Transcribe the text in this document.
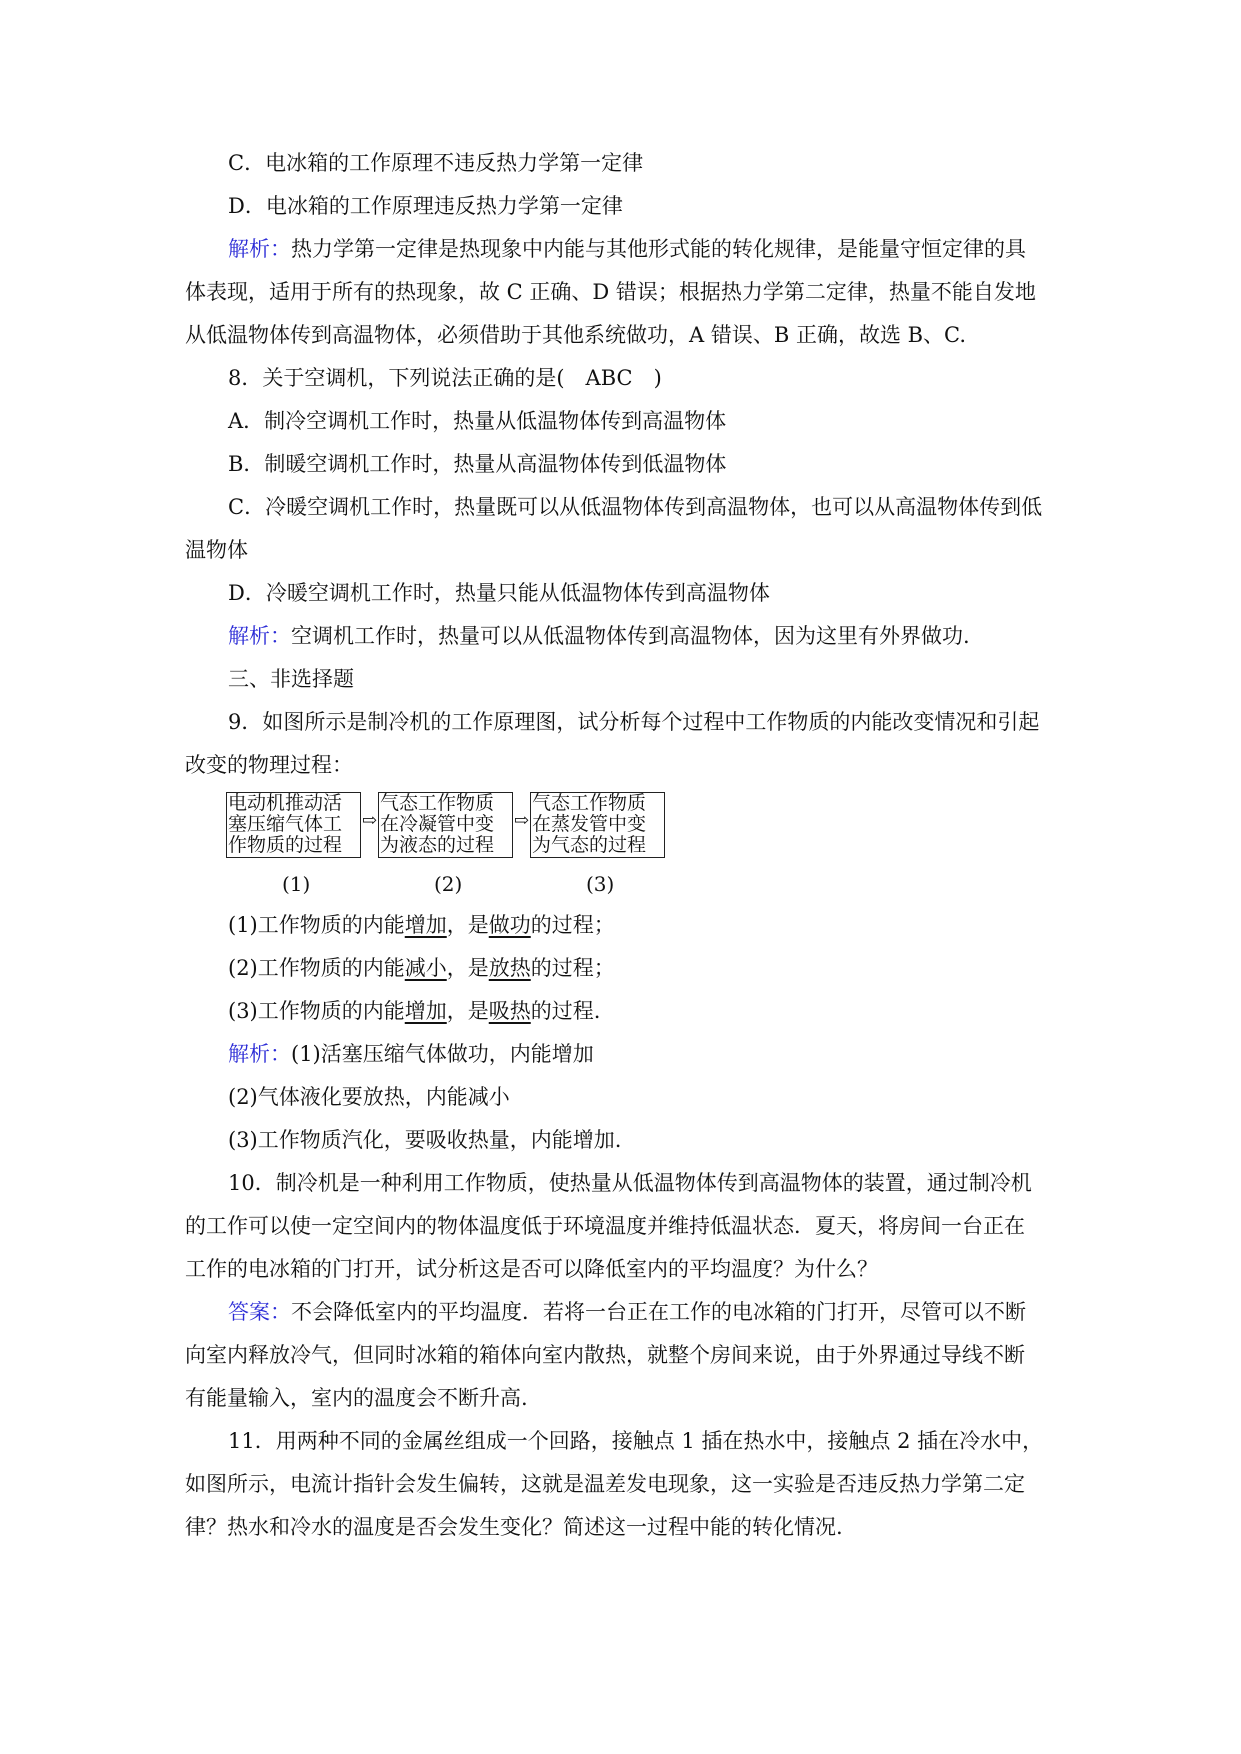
C．电冰箱的工作原理不违反热力学第一定律
D．电冰箱的工作原理违反热力学第一定律
解析：热力学第一定律是热现象中内能与其他形式能的转化规律，是能量守恒定律的具
体表现，适用于所有的热现象，故 C 正确、D 错误；根据热力学第二定律，热量不能自发地
从低温物体传到高温物体，必须借助于其他系统做功，A 错误、B 正确，故选 B、C.
8．关于空调机，下列说法正确的是(　ABC　)
A．制冷空调机工作时，热量从低温物体传到高温物体
B．制暖空调机工作时，热量从高温物体传到低温物体
C．冷暖空调机工作时，热量既可以从低温物体传到高温物体，也可以从高温物体传到低
温物体
D．冷暖空调机工作时，热量只能从低温物体传到高温物体
解析：空调机工作时，热量可以从低温物体传到高温物体，因为这里有外界做功.
三、非选择题
9．如图所示是制冷机的工作原理图，试分析每个过程中工作物质的内能改变情况和引起
改变的物理过程：
电动机推动活
塞压缩气体工
作物质的过程
⇨
气态工作物质
在冷凝管中变
为液态的过程
⇨
气态工作物质
在蒸发管中变
为气态的过程
(1)	(2)	(3)
(1)工作物质的内能增加，是做功的过程；
(2)工作物质的内能减小，是放热的过程；
(3)工作物质的内能增加，是吸热的过程.
解析：(1)活塞压缩气体做功，内能增加
(2)气体液化要放热，内能减小
(3)工作物质汽化，要吸收热量，内能增加.
10．制冷机是一种利用工作物质，使热量从低温物体传到高温物体的装置，通过制冷机
的工作可以使一定空间内的物体温度低于环境温度并维持低温状态．夏天，将房间一台正在
工作的电冰箱的门打开，试分析这是否可以降低室内的平均温度？为什么？
答案：不会降低室内的平均温度．若将一台正在工作的电冰箱的门打开，尽管可以不断
向室内释放冷气，但同时冰箱的箱体向室内散热，就整个房间来说，由于外界通过导线不断
有能量输入，室内的温度会不断升高.
11．用两种不同的金属丝组成一个回路，接触点 1 插在热水中，接触点 2 插在冷水中，
如图所示，电流计指针会发生偏转，这就是温差发电现象，这一实验是否违反热力学第二定
律？热水和冷水的温度是否会发生变化？简述这一过程中能的转化情况.
